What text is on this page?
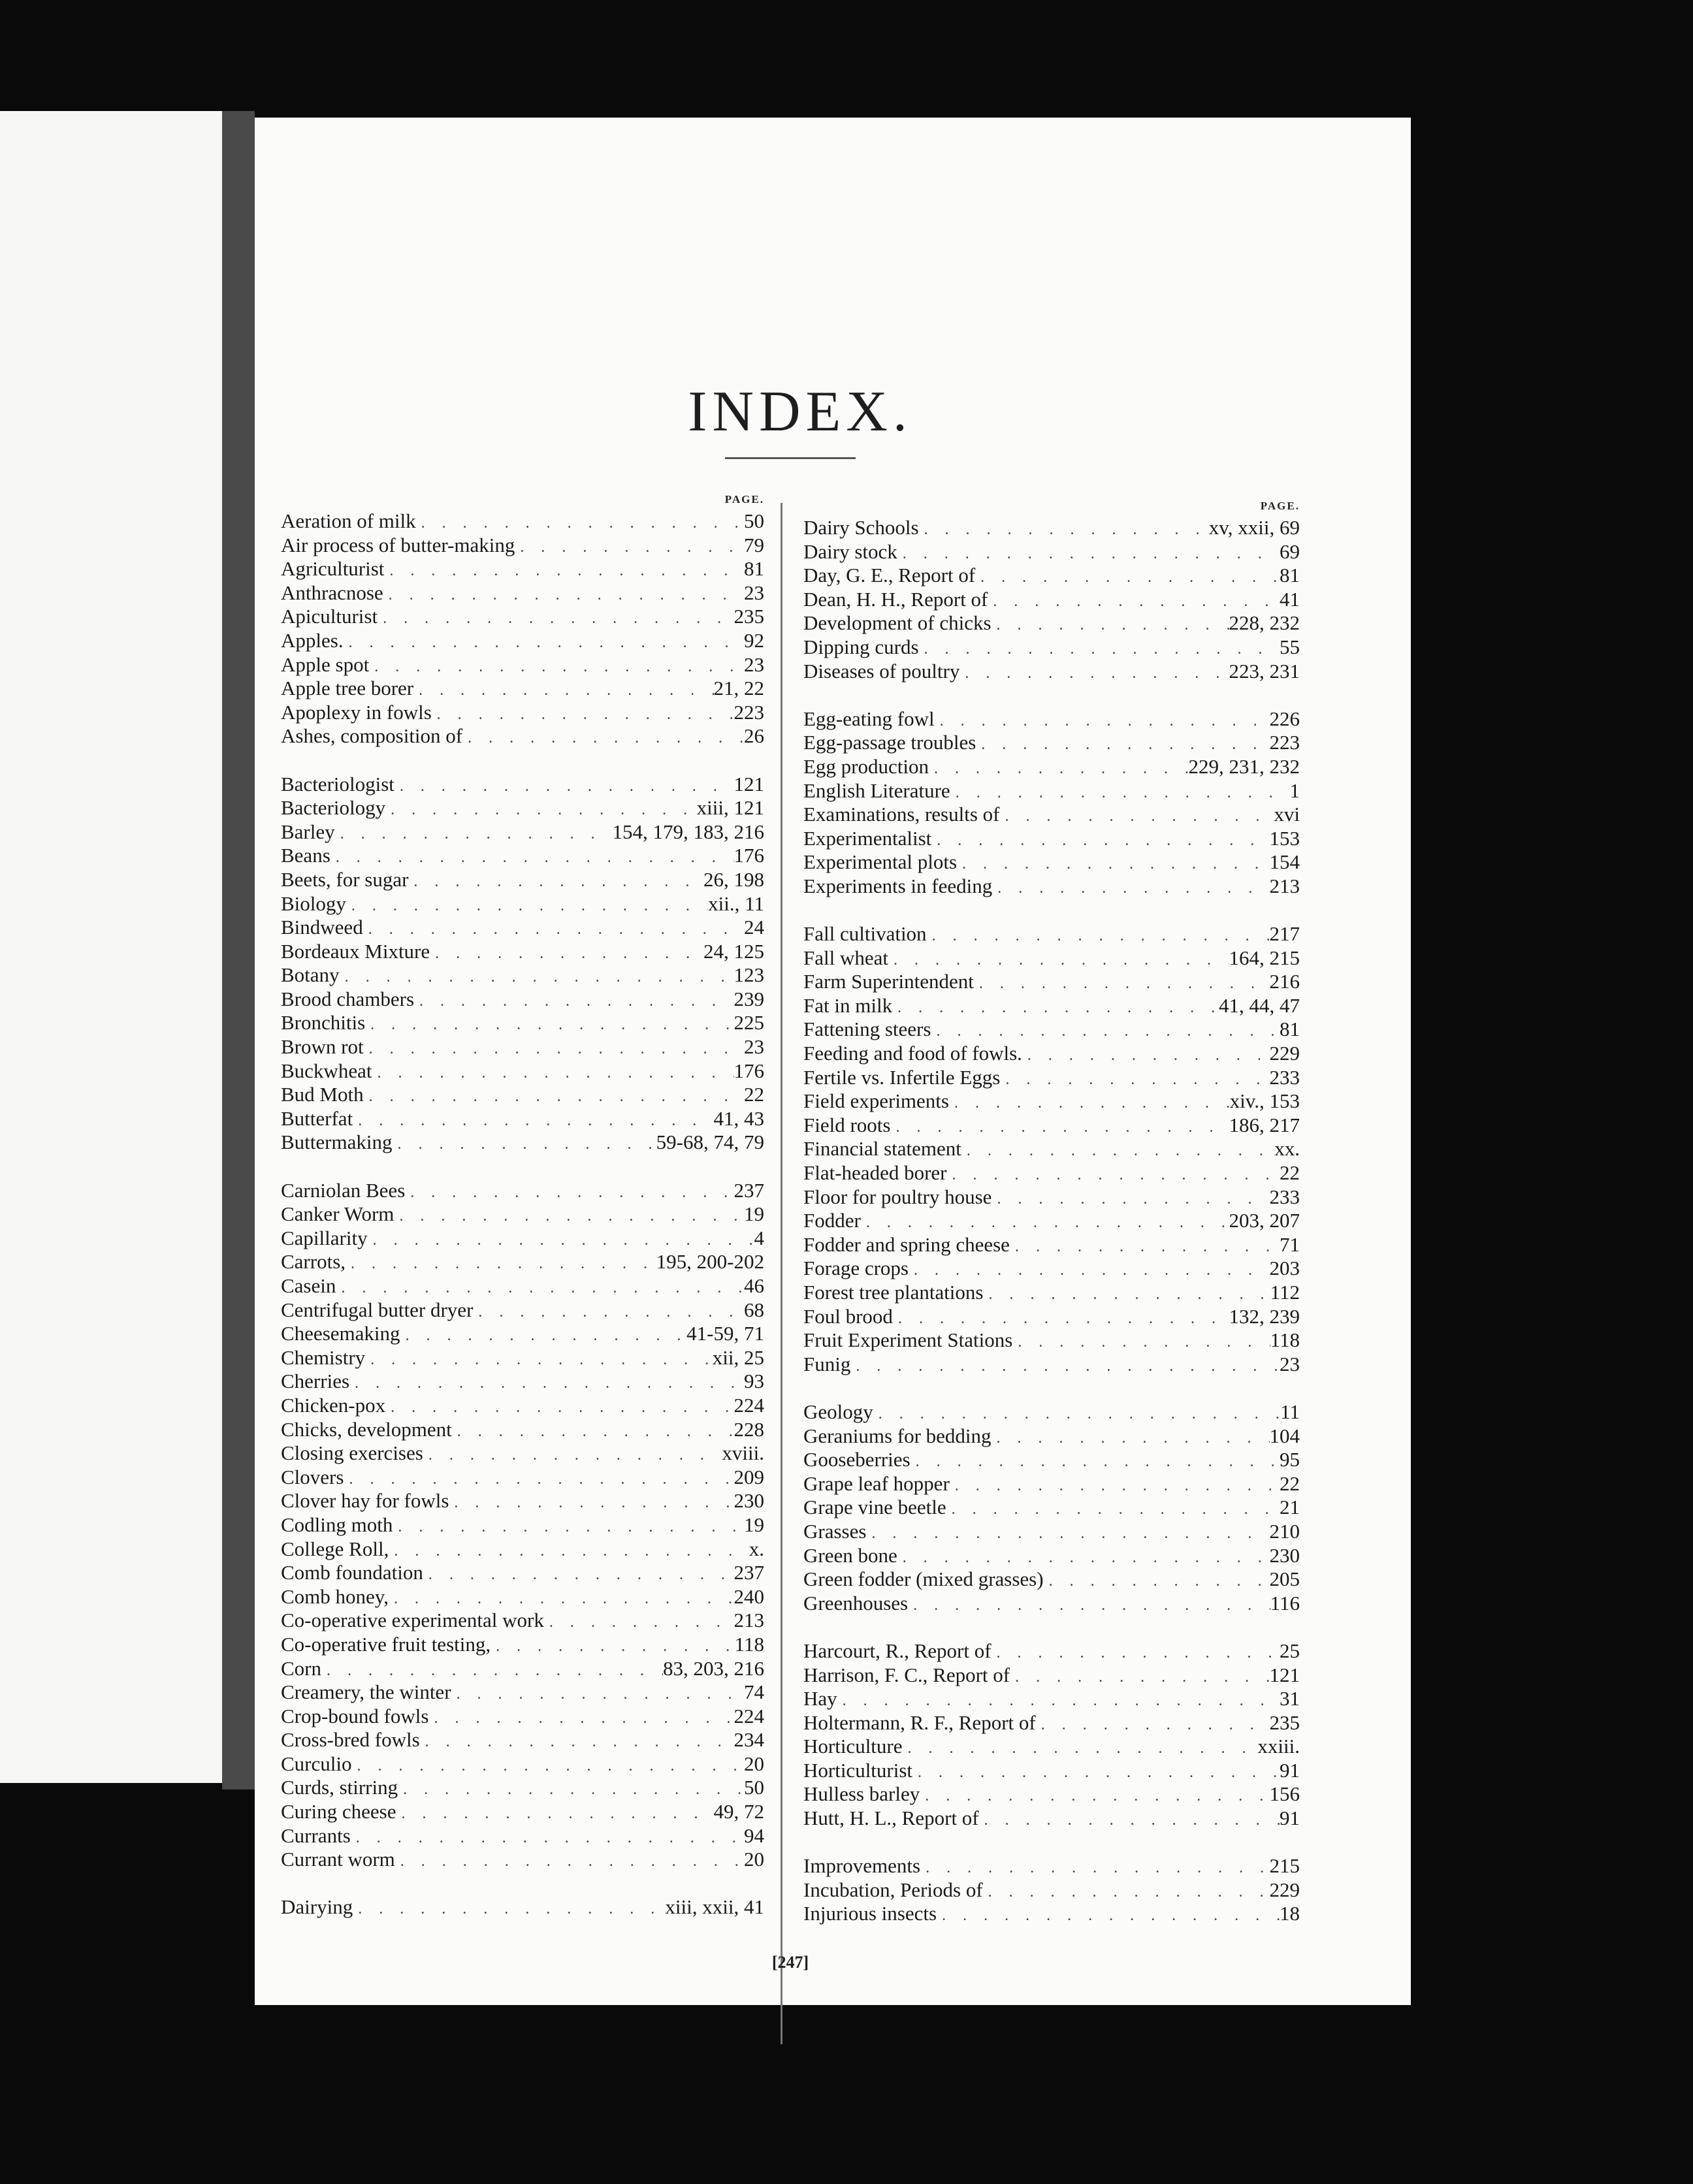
INDEX.
PAGE.
Aeration of milk . . .	50
Air process of butter-making . . .	79
Agriculturist . . .	81
Anthracnose . . .	23
Apiculturist . . .	235
Apples. . . .	92
Apple spot . . .	23
Apple tree borer . . .	21, 22
Apoplexy in fowls . . .	223
Ashes, composition of . . .	26
Bacteriologist . . .	121
Bacteriology . . .	xiii, 121
Barley . . .	154, 179, 183, 216
Beans . . .	176
Beets, for sugar . . .	26, 198
Biology . . .	xii., 11
Bindweed . . .	24
Bordeaux Mixture . . .	24, 125
Botany . . .	123
Brood chambers . . .	239
Bronchitis . . .	225
Brown rot . . .	23
Buckwheat . . .	176
Bud Moth . . .	22
Butterfat . . .	41, 43
Buttermaking . . .	59-68, 74, 79
Carniolan Bees . . .	237
Canker Worm . . .	19
Capillarity . . .	4
Carrots, . . .	195, 200-202
Casein . . .	46
Centrifugal butter dryer . . .	68
Cheesemaking . . .	41-59, 71
Chemistry . . .	xii, 25
Cherries . . .	93
Chicken-pox . . .	224
Chicks, development . . .	228
Closing exercises . . .	xviii.
Clovers . . .	209
Clover hay for fowls . . .	230
Codling moth . . .	19
College Roll, . . .	x.
Comb foundation . . .	237
Comb honey, . . .	240
Co-operative experimental work . . .	213
Co-operative fruit testing, . . .	118
Corn . . .	83, 203, 216
Creamery, the winter . . .	74
Crop-bound fowls . . .	224
Cross-bred fowls . . .	234
Curculio . . .	20
Curds, stirring . . .	50
Curing cheese . . .	49, 72
Currants . . .	94
Currant worm . . .	20
Dairying . . .	xiii, xxii, 41
PAGE.
Dairy Schools . . .	xv, xxii, 69
Dairy stock . . .	69
Day, G. E., Report of . . .	81
Dean, H. H., Report of . . .	41
Development of chicks . . .	228, 232
Dipping curds . . .	55
Diseases of poultry . . .	223, 231
Egg-eating fowl . . .	226
Egg-passage troubles . . .	223
Egg production . . .	229, 231, 232
English Literature . . .	1
Examinations, results of . . .	xvi
Experimentalist . . .	153
Experimental plots . . .	154
Experiments in feeding . . .	213
Fall cultivation . . .	217
Fall wheat . . .	164, 215
Farm Superintendent . . .	216
Fat in milk . . .	41, 44, 47
Fattening steers . . .	81
Feeding and food of fowls. . . .	229
Fertile vs. Infertile Eggs . . .	233
Field experiments . . .	xiv., 153
Field roots . . .	186, 217
Financial statement . . .	xx.
Flat-headed borer . . .	22
Floor for poultry house . . .	233
Fodder . . .	203, 207
Fodder and spring cheese . . .	71
Forage crops . . .	203
Forest tree plantations . . .	112
Foul brood . . .	132, 239
Fruit Experiment Stations . . .	118
Funig . . .	23
Geology . . .	11
Geraniums for bedding . . .	104
Gooseberries . . .	95
Grape leaf hopper . . .	22
Grape vine beetle . . .	21
Grasses . . .	210
Green bone . . .	230
Green fodder (mixed grasses) . . .	205
Greenhouses . . .	116
Harcourt, R., Report of . . .	25
Harrison, F. C., Report of . . .	121
Hay . . .	31
Holtermann, R. F., Report of . . .	235
Horticulture . . .	xxiii.
Horticulturist . . .	91
Hulless barley . . .	156
Hutt, H. L., Report of . . .	91
Improvements . . .	215
Incubation, Periods of . . .	229
Injurious insects . . .	18
[247]
